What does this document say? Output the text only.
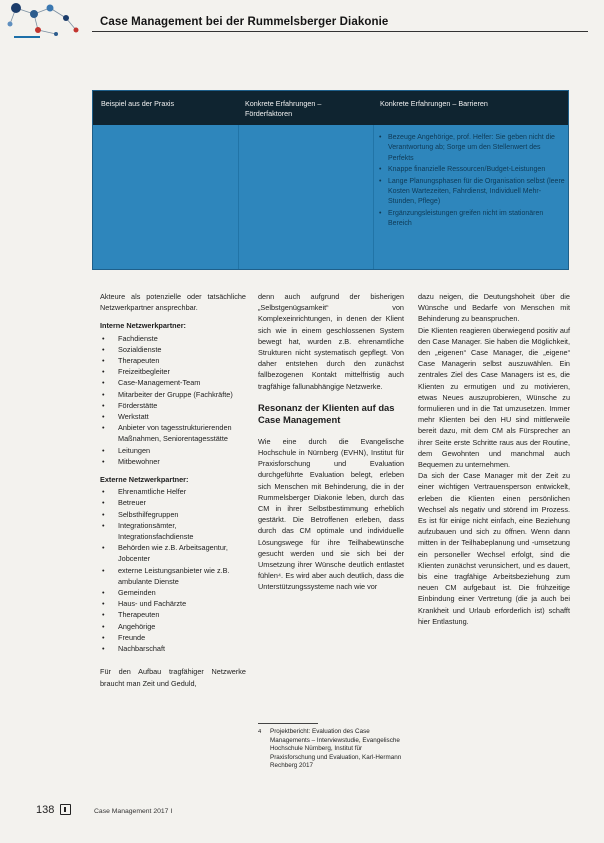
Case Management bei der Rummelsberger Diakonie
Beispiel aus der Praxis	Konkrete Erfahrungen – Förderfaktoren
Konkrete Erfahrungen – Barrieren
• Bezeuge Angehörige, prof. Helfer: Sie geben nicht die Verantwortung ab; Sorge um den Stellenwert des Perfekts
• Knappe finanzielle Ressourcen/Budget-Leistungen
• Lange Planungsphasen für die Organisation selbst (leere Kosten Wartezeiten, Fahrdienst, Individuell Mehr-Stunden, Pflege)
• Ergänzungsleistungen greifen nicht im stationären Bereich

Akteure als potenzielle oder tatsächliche Netzwerkpartner ansprechbar.

Interne Netzwerkpartner:

• Fachdienste
• Sozialdienste
• Therapeuten
• Freizeitbegleiter
• Case-Management-Team
• Mitarbeiter der Gruppe (Fachkräfte)
• Förderstätte
• Werkstatt
• Anbieter von tagesstrukturierenden Maßnahmen, Seniorentagesstätte
• Leitungen
• Mitbewohner

Externe Netzwerkpartner:

• Ehrenamtliche Helfer
• Betreuer
• Selbsthilfegruppen
• Integrationsämter, Integrationsfachdienste
• Behörden wie z.B. Arbeitsagentur, Jobcenter
• externe Leistungsanbieter wie z.B. ambulante Dienste
• Gemeinden
• Haus- und Fachärzte
• Therapeuten
• Angehörige
• Freunde
• Nachbarschaft

Für den Aufbau tragfähiger Netzwerke braucht man Zeit und Geduld,

denn auch aufgrund der bisherigen „Selbstgenügsamkeit“ von Komplexeinrichtungen, in denen der Klient sich wie in einem geschlossenen System bewegt hat, wurden z.B. ehrenamtliche Strukturen nicht systematisch gepflegt. Von daher entstehen durch den zunächst fallbezogenen Kontakt mittelfristig auch tragfähige fallunabhängige Netzwerke.

Resonanz der Klienten auf das Case Management

Wie eine durch die Evangelische Hochschule in Nürnberg (EVHN), Institut für Praxisforschung und Evaluation durchgeführte Evaluation belegt, erleben sich Menschen mit Behinderung, die in der Rummelsberger Diakonie leben, durch das CM in ihrer Selbstbestimmung erheblich gestärkt. Die Betroffenen erleben, dass durch das CM optimale und individuelle Lösungswege für ihre Teilhabewünsche gesucht werden und sie sich bei der Umsetzung ihrer Wünsche deutlich entlastet fühlen⁴. Es wird aber auch deutlich, dass die Unterstützungssysteme nach wie vor

4 Projektbericht: Evaluation des Case Managements – Interviewstudie, Evangelische Hochschule Nürnberg, Institut für Praxisforschung und Evaluation, Karl-Hermann Rechberg 2017

dazu neigen, die Deutungshoheit über die Wünsche und Bedarfe von Menschen mit Behinderung zu beanspruchen.

Die Klienten reagieren überwiegend positiv auf den Case Manager. Sie haben die Möglichkeit, den „eigenen“ Case Manager, die „eigene“ Case Managerin selbst auszuwählen. Ein zentrales Ziel des Case Managers ist es, die Klienten zu ermutigen und zu motivieren, etwas Neues auszuprobieren, Wünsche zu formulieren und in die Tat umzusetzen. Immer mehr Klienten bei den HU sind mittlerweile bereit dazu, mit dem CM als Fürsprecher an ihrer Seite erste Schritte raus aus der Routine, dem Gewohnten und manchmal auch Bequemen zu unternehmen.

Da sich der Case Manager mit der Zeit zu einer wichtigen Vertrauensperson entwickelt, erleben die Klienten einen persönlichen Wechsel als negativ und störend im Prozess. Es ist für einige nicht einfach, eine Beziehung aufzubauen und sich zu öffnen. Wenn dann mitten in der Teilhabeplanung und -umsetzung ein personeller Wechsel erfolgt, sind die Klienten zunächst verunsichert, und es dauert, bis eine tragfähige Arbeitsbeziehung zum neuen CM aufgebaut ist. Die frühzeitige Einbindung einer Vertretung (die ja auch bei Krankheit und Urlaub erforderlich ist) schafft hier Entlastung.

138	Case Management 2017 I
